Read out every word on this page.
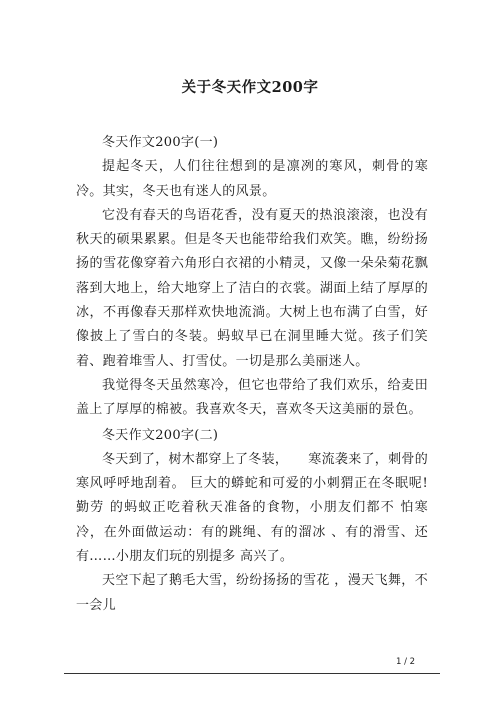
关于冬天作文200字

冬天作文200字(一)

提起冬天，人们往往想到的是凛冽的寒风，刺骨的寒冷。其实，冬天也有迷人的风景。

它没有春天的鸟语花香，没有夏天的热浪滚滚，也没有秋天的硕果累累。但是冬天也能带给我们欢笑。瞧，纷纷扬扬的雪花像穿着六角形白衣裙的小精灵，又像一朵朵菊花飘落到大地上，给大地穿上了洁白的衣裳。湖面上结了厚厚的冰，不再像春天那样欢快地流淌。大树上也布满了白雪，好像披上了雪白的冬装。蚂蚁早已在洞里睡大觉。孩子们笑着、跑着堆雪人、打雪仗。一切是那么美丽迷人。

我觉得冬天虽然寒冷，但它也带给了我们欢乐，给麦田盖上了厚厚的棉被。我喜欢冬天，喜欢冬天这美丽的景色。

冬天作文200字(二)

冬天到了，树木都穿上了冬装，　　寒流袭来了，刺骨的寒风呼呼地刮着。 巨大的蟒蛇和可爱的小刺猬正在冬眠呢!勤劳 的蚂蚁正吃着秋天准备的食物，小朋友们都不 怕寒冷，在外面做运动：有的跳绳、有的溜冰 、有的滑雪、还有……小朋友们玩的别提多 高兴了。

天空下起了鹅毛大雪，纷纷扬扬的雪花 ，漫天飞舞，不一会儿

1 / 2
